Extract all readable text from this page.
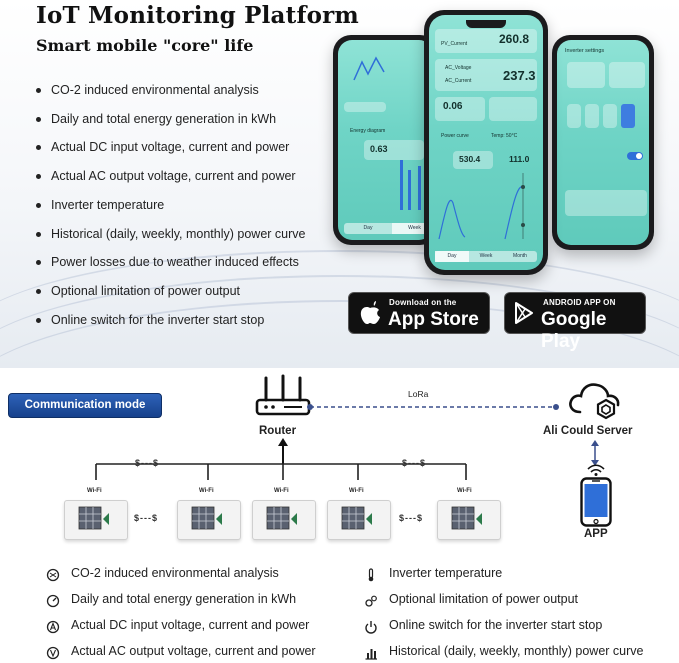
IoT Monitoring Platform
Smart mobile "core" life
CO-2 induced environmental analysis
Daily and total energy generation in kWh
Actual DC input voltage, current and power
Actual AC output voltage, current and power
Inverter temperature
Historical (daily, weekly, monthly) power curve
Power losses due to weather induced effects
Optional limitation of power output
Online switch for the inverter start stop
Energy diagram
0.63
Day	Week
Inverter settings
PV_Current	260.8
AC_Voltage
AC_Current 237.3
0.06
Power curve	Temp: 50°C
530.4	111.0
Day	Week	Month
Download on the
App Store
ANDROID APP ON
Google Play
Communication mode
Router
LoRa
Ali Could Server
APP
$---$	$---$
Wi-Fi	Wi-Fi	Wi-Fi	Wi-Fi	Wi-Fi
$---$	$---$
CO-2 induced environmental analysis
Daily and total energy generation in kWh
Actual DC input voltage, current and power
Actual AC output voltage, current and power
Inverter temperature
Optional limitation of power output
Online switch for the inverter start stop
Historical (daily, weekly, monthly) power curve
